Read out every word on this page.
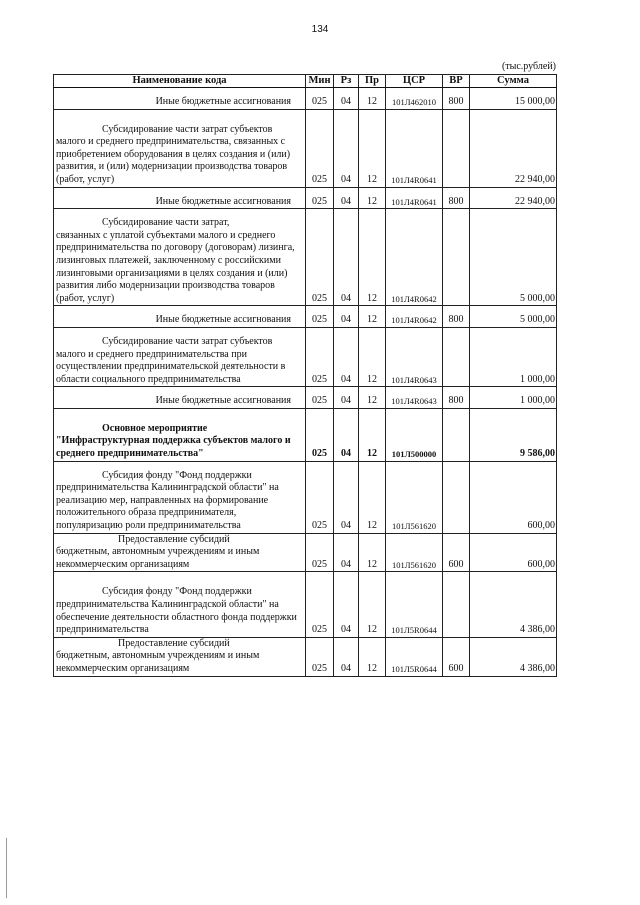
134
(тыс.рублей)
Наименование кода	Мин	Рз	Пр	ЦСР	ВР	Сумма

Иные бюджетные ассигнования	025	04	12	101Л462010	800	15 000,00

Субсидирование части затрат субъектов
малого и среднего предпринимательства, связанных с приобретением оборудования в целях создания и (или) развития, и (или) модернизации производства товаров (работ, услуг)	025	04	12	101Л4R0641		22 940,00

Иные бюджетные ассигнования	025	04	12	101Л4R0641	800	22 940,00

Субсидирование части затрат,
связанных с уплатой субъектами малого и среднего предпринимательства по договору (договорам) лизинга, лизинговых платежей, заключенному с российскими лизинговыми организациями в целях создания и (или) развития либо модернизации производства товаров (работ, услуг)	025	04	12	101Л4R0642		5 000,00

Иные бюджетные ассигнования	025	04	12	101Л4R0642	800	5 000,00

Субсидирование части затрат субъектов
малого и среднего предпринимательства при осуществлении предпринимательской деятельности в области социального предпринимательства	025	04	12	101Л4R0643		1 000,00

Иные бюджетные ассигнования	025	04	12	101Л4R0643	800	1 000,00

Основное мероприятие
"Инфраструктурная поддержка субъектов малого и среднего предпринимательства"	025	04	12	101Л500000		9 586,00

Субсидия фонду "Фонд поддержки
предпринимательства Калининградской области" на реализацию мер, направленных на формирование положительного образа предпринимателя, популяризацию роли предпринимательства	025	04	12	101Л561620		600,00

Предоставление субсидий
бюджетным, автономным учреждениям и иным некоммерческим организациям	025	04	12	101Л561620	600	600,00

Субсидия фонду "Фонд поддержки
предпринимательства Калининградской области" на обеспечение деятельности областного фонда поддержки предпринимательства	025	04	12	101Л5R0644		4 386,00

Предоставление субсидий
бюджетным, автономным учреждениям и иным некоммерческим организациям	025	04	12	101Л5R0644	600	4 386,00
